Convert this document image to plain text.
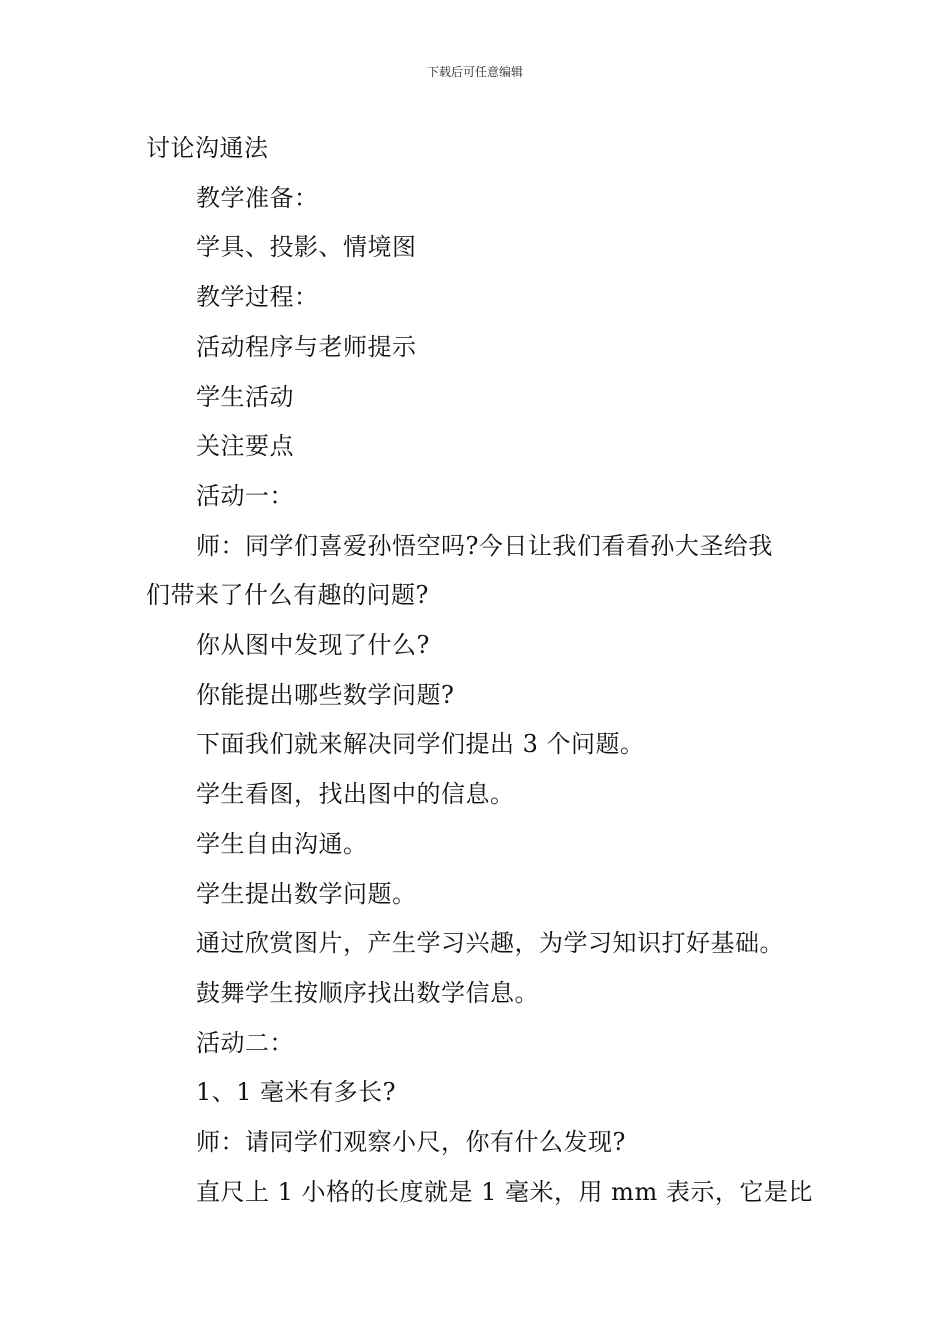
下载后可任意编辑

讨论沟通法

教学准备：

学具、投影、情境图

教学过程：

活动程序与老师提示

学生活动

关注要点

活动一：

师：同学们喜爱孙悟空吗?今日让我们看看孙大圣给我

们带来了什么有趣的问题?

你从图中发现了什么?

你能提出哪些数学问题?

下面我们就来解决同学们提出 3 个问题。

学生看图，找出图中的信息。

学生自由沟通。

学生提出数学问题。

通过欣赏图片，产生学习兴趣，为学习知识打好基础。

鼓舞学生按顺序找出数学信息。

活动二：

1、1 毫米有多长?

师：请同学们观察小尺，你有什么发现?

直尺上 1 小格的长度就是 1 毫米，用 mm 表示，它是比
